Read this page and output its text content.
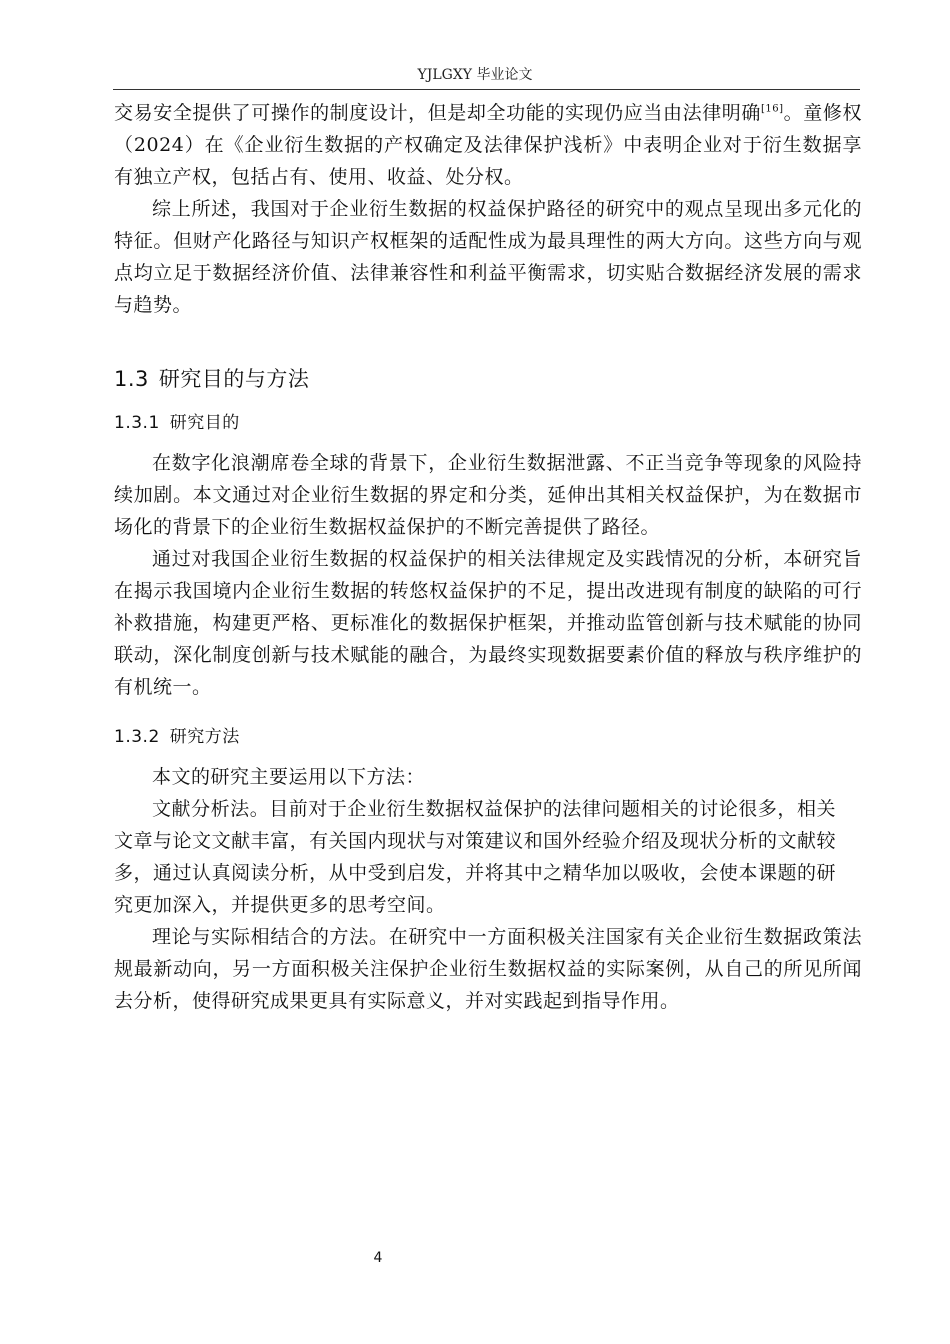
YJLGXY 毕业论文

交易安全提供了可操作的制度设计，但是却全功能的实现仍应当由法律明确[16]。童修权（2024）在《企业衍生数据的产权确定及法律保护浅析》中表明企业对于衍生数据享有独立产权，包括占有、使用、收益、处分权。

综上所述，我国对于企业衍生数据的权益保护路径的研究中的观点呈现出多元化的特征。但财产化路径与知识产权框架的适配性成为最具理性的两大方向。这些方向与观点均立足于数据经济价值、法律兼容性和利益平衡需求，切实贴合数据经济发展的需求与趋势。

1.3 研究目的与方法
1.3.1 研究目的

在数字化浪潮席卷全球的背景下，企业衍生数据泄露、不正当竞争等现象的风险持续加剧。本文通过对企业衍生数据的界定和分类，延伸出其相关权益保护，为在数据市场化的背景下的企业衍生数据权益保护的不断完善提供了路径。

通过对我国企业衍生数据的权益保护的相关法律规定及实践情况的分析，本研究旨在揭示我国境内企业衍生数据的转悠权益保护的不足，提出改进现有制度的缺陷的可行补救措施，构建更严格、更标准化的数据保护框架，并推动监管创新与技术赋能的协同联动，深化制度创新与技术赋能的融合，为最终实现数据要素价值的释放与秩序维护的有机统一。

1.3.2 研究方法

本文的研究主要运用以下方法：

文献分析法。目前对于企业衍生数据权益保护的法律问题相关的讨论很多，相关文章与论文文献丰富，有关国内现状与对策建议和国外经验介绍及现状分析的文献较多，通过认真阅读分析，从中受到启发，并将其中之精华加以吸收，会使本课题的研究更加深入，并提供更多的思考空间。

理论与实际相结合的方法。在研究中一方面积极关注国家有关企业衍生数据政策法规最新动向，另一方面积极关注保护企业衍生数据权益的实际案例，从自己的所见所闻去分析，使得研究成果更具有实际意义，并对实践起到指导作用。

4
